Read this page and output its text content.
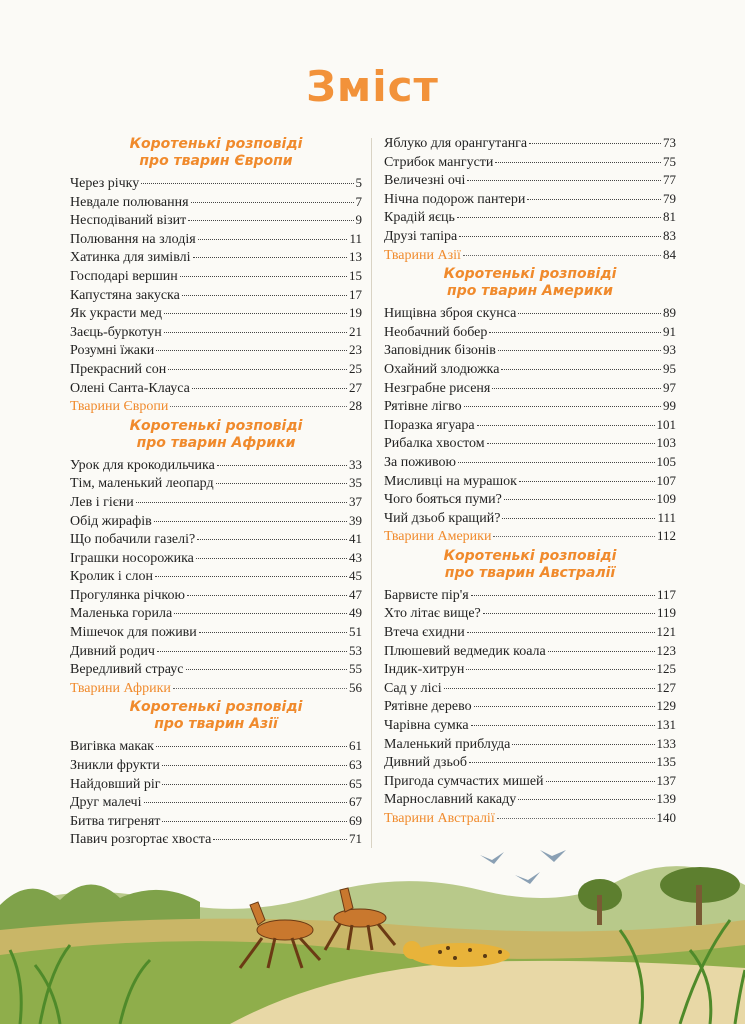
Зміст
Коротенькі розповіді
про тварин Європи
Через річку	5
Невдале полювання	7
Несподіваний візит	9
Полювання на злодія	11
Хатинка для зимівлі	13
Господарі вершин	15
Капустяна закуска	17
Як украсти мед	19
Заєць-буркотун	21
Розумні їжаки	23
Прекрасний сон	25
Олені Санта-Клауса	27
Тварини Європи	28
Коротенькі розповіді
про тварин Африки
Урок для крокодильчика	33
Тім, маленький леопард	35
Лев і гієни	37
Обід жирафів	39
Що побачили газелі?	41
Іграшки носорожика	43
Кролик і слон	45
Прогулянка річкою	47
Маленька горила	49
Мішечок для поживи	51
Дивний родич	53
Вередливий страус	55
Тварини Африки	56
Коротенькі розповіді
про тварин Азії
Вигівка макак	61
Зникли фрукти	63
Найдовший ріг	65
Друг малечі	67
Битва тигренят	69
Павич розгортає хвоста	71
Яблуко для орангутанга	73
Стрибок мангусти	75
Величезні очі	77
Нічна подорож пантери	79
Крадій яєць	81
Друзі тапіра	83
Тварини Азії	84
Коротенькі розповіді
про тварин Америки
Нищівна зброя скунса	89
Необачний бобер	91
Заповідник бізонів	93
Охайний злодюжка	95
Незграбне рисеня	97
Рятівне лігво	99
Поразка ягуара	101
Рибалка хвостом	103
За поживою	105
Мисливці на мурашок	107
Чого бояться пуми?	109
Чий дзьоб кращий?	111
Тварини Америки	112
Коротенькі розповіді
про тварин Австралії
Барвисте пір'я	117
Хто літає вище?	119
Втеча єхидни	121
Плюшевий ведмедик коала	123
Індик-хитрун	125
Сад у лісі	127
Рятівне дерево	129
Чарівна сумка	131
Маленький приблуда	133
Дивний дзьоб	135
Пригода сумчастих мишей	137
Марнославний какаду	139
Тварини Австралії	140
